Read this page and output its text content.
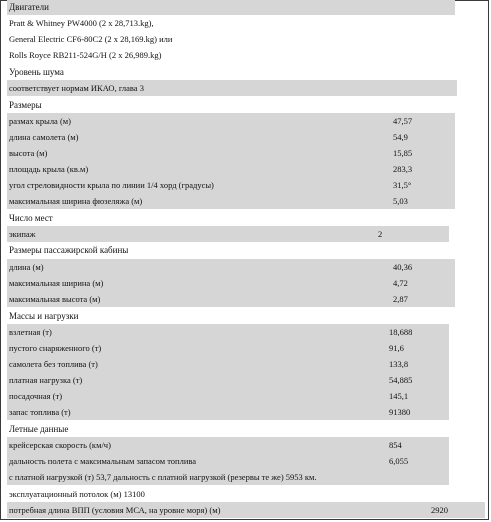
Двигатели
Pratt & Whitney PW4000 (2 x 28,713.kg),
General Electric CF6-80C2 (2 x 28,169.kg) или
Rolls Royce RB211-524G/H (2 x 26,989.kg)
Уровень шума
соответствует нормам ИКАО, глава 3
Размеры
размах крыла (м)	47,57
длина самолета (м)	54,9
высота (м)	15,85
площадь крыла (кв.м)	283,3
угол стреловидности крыла по линии 1/4 хорд (градусы)	31,5°
максимальная ширина фюзеляжа (м)	5,03
Число мест
экипаж	2
Размеры пассажирской кабины
длина (м)	40,36
максимальная ширина (м)	4,72
максимальная высота (м)	2,87
Массы и нагрузки
взлетная (т)	18,688
пустого снаряженного (т)	91,6
самолета без топлива (т)	133,8
платная нагрузка (т)	54,885
посадочная (т)	145,1
запас топлива (т)	91380
Летные данные
крейсерская скорость (км/ч)	854
дальность полета с максимальным запасом топлива	6,055
с платной нагрузкой (т) 53,7 дальность с платной нагрузкой (резервы те же) 5953 км.
эксплуатационный потолок (м) 13100
потребная длина ВПП (условия МСА, на уровне моря) (м)	2920
